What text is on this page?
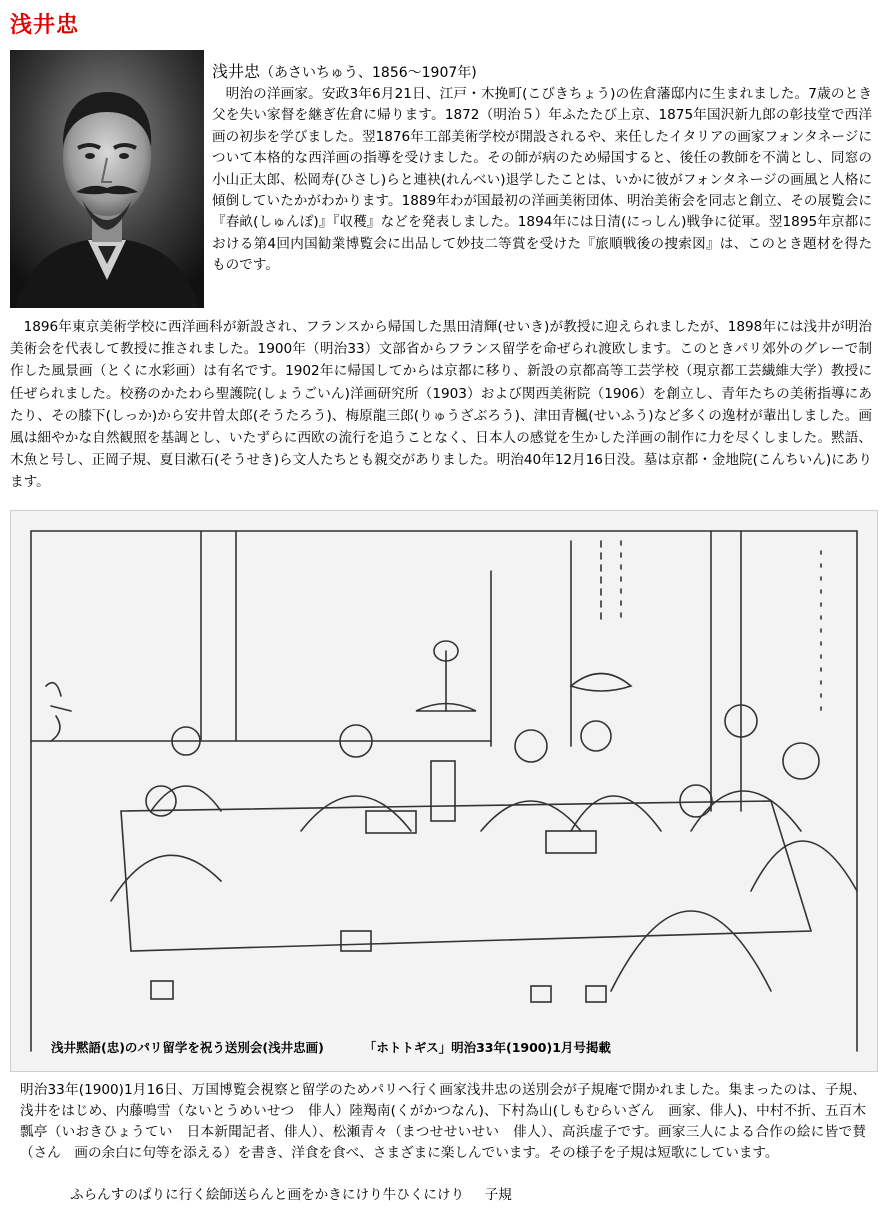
浅井忠
浅井忠（あさいちゅう、1856～1907年)

明治の洋画家。安政3年6月21日、江戸・木挽町(こびきちょう)の佐倉藩邸内に生まれました。7歳のとき父を失い家督を継ぎ佐倉に帰ります。1872（明治５）年ふたたび上京、1875年国沢新九郎の彰技堂で西洋画の初歩を学びました。翌1876年工部美術学校が開設されるや、来任したイタリアの画家フォンタネージについて本格的な西洋画の指導を受けました。その師が病のため帰国すると、後任の教師を不満とし、同窓の小山正太郎、松岡寿(ひさし)らと連袂(れんべい)退学したことは、いかに彼がフォンタネージの画風と人格に傾倒していたかがわかります。1889年わが国最初の洋画美術団体、明治美術会を同志と創立、その展覧会に『春畝(しゅんぽ)』『収穫』などを発表しました。1894年には日清(にっしん)戦争に従軍。翌1895年京都における第4回内国勧業博覧会に出品して妙技二等賞を受けた『旅順戦後の捜索図』は、このとき題材を得たものです。

1896年東京美術学校に西洋画科が新設され、フランスから帰国した黒田清輝(せいき)が教授に迎えられましたが、1898年には浅井が明治美術会を代表して教授に推されました。1900年（明治33）文部省からフランス留学を命ぜられ渡欧します。このときパリ郊外のグレーで制作した風景画（とくに水彩画）は有名です。1902年に帰国してからは京都に移り、新設の京都高等工芸学校（現京都工芸繊維大学）教授に任ぜられました。校務のかたわら聖護院(しょうごいん)洋画研究所（1903）および関西美術院（1906）を創立し、青年たちの美術指導にあたり、その膝下(しっか)から安井曽太郎(そうたろう)、梅原龍三郎(りゅうざぶろう)、津田青楓(せいふう)など多くの逸材が輩出しました。画風は細やかな自然観照を基調とし、いたずらに西欧の流行を追うことなく、日本人の感覚を生かした洋画の制作に力を尽くしました。黙語、木魚と号し、正岡子規、夏目漱石(そうせき)ら文人たちとも親交がありました。明治40年12月16日没。墓は京都・金地院(こんちいん)にあります。

浅井黙語(忠)のパリ留学を祝う送別会(浅井忠画)	「ホトトギス」明治33年(1900)1月号掲載

明治33年(1900)1月16日、万国博覧会視察と留学のためパリへ行く画家浅井忠の送別会が子規庵で開かれました。集まったのは、子規、浅井をはじめ、内藤鳴雪（ないとうめいせつ　俳人）陸羯南(くがかつなん)、下村為山(しもむらいざん　画家、俳人)、中村不折、五百木瓢亭（いおきひょうてい　日本新聞記者、俳人）、松瀬青々（まつせせいせい　俳人）、高浜虚子です。画家三人による合作の絵に皆で賛（さん　画の余白に句等を添える）を書き、洋食を食べ、さまざまに楽しんでいます。その様子を子規は短歌にしています。

ふらんすのぱりに行く絵師送らんと画をかきにけり牛ひくにけり 子規
